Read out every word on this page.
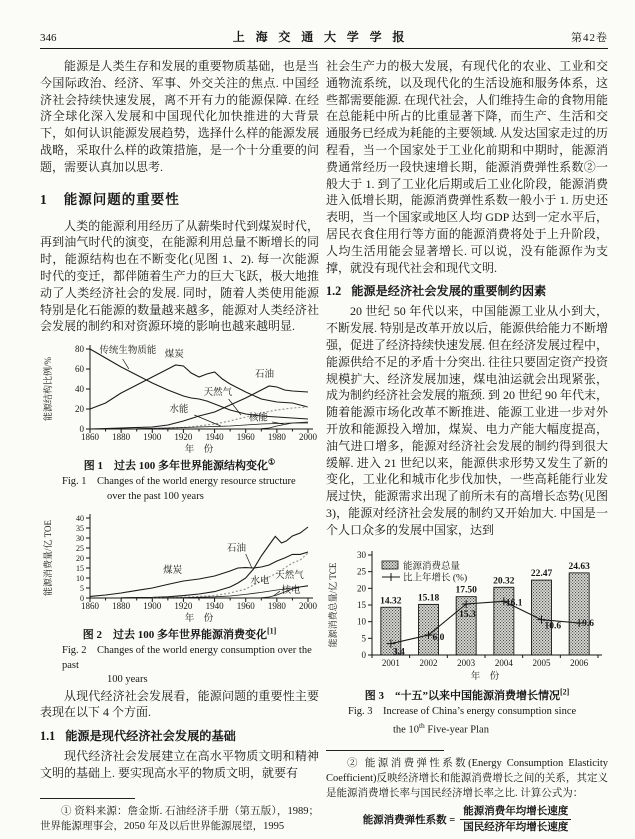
346	上海交通大学学报	第42卷

能源是人类生存和发展的重要物质基础，也是当今国际政治、经济、军事、外交关注的焦点. 中国经济社会持续快速发展，离不开有力的能源保障. 在经济全球化深入发展和中国现代化加快推进的大背景下，如何认识能源发展趋势，选择什么样的能源发展战略，采取什么样的政策措施，是一个十分重要的问题，需要认真加以思考.

1 能源问题的重要性

人类的能源利用经历了从薪柴时代到煤炭时代，再到油气时代的演变，在能源利用总量不断增长的同时，能源结构也在不断变化(见图 1、2). 每一次能源时代的变迁，都伴随着生产力的巨大飞跃，极大地推动了人类经济社会的发展. 同时，随着人类使用能源特别是化石能源的数量越来越多，能源对人类经济社会发展的制约和对资源环境的影响也越来越明显.

0
20
40
60
80
1860 1880 1900 1920 1940 1960 1980 2000
年　份
能源结构比例/%
传统生物质能 煤炭
石油
天然气
水能
核能

图 1　过去 100 多年世界能源结构变化①

Fig. 1　Changes of the world energy resource structure
over the past 100 years
0
5
10
15
20
25
30
35
40
1860 1880 1900 1920 1940 1960 1980 2000
年　份
能源消费量/亿 TOE	煤炭
石油
天然气
水电
核电

图 2　过去 100 多年世界能源消费变化[1]

Fig. 2　Changes of the world energy consumption over the past
100 years

从现代经济社会发展看，能源问题的重要性主要表现在以下 4 个方面.

1.1 能源是现代经济社会发展的基础

现代经济社会发展建立在高水平物质文明和精神文明的基础上. 要实现高水平的物质文明，就要有

① 资料来源：詹金斯. 石油经济手册（第五版），1989；世界能源理事会，2050 年及以后世界能源展望，1995

社会生产力的极大发展，有现代化的农业、工业和交通物流系统，以及现代化的生活设施和服务体系，这些都需要能源. 在现代社会，人们维持生命的食物用能在总能耗中所占的比重显著下降，而生产、生活和交通服务已经成为耗能的主要领域. 从发达国家走过的历程看，当一个国家处于工业化前期和中期时，能源消费通常经历一段快速增长期，能源消费弹性系数②一般大于 1. 到了工业化后期或后工业化阶段，能源消费进入低增长期，能源消费弹性系数一般小于 1. 历史还表明，当一个国家或地区人均 GDP 达到一定水平后，居民衣食住用行等方面的能源消费将处于上升阶段，人均生活用能会显著增长. 可以说，没有能源作为支撑，就没有现代社会和现代文明.

1.2 能源是经济社会发展的重要制约因素

20 世纪 50 年代以来，中国能源工业从小到大，不断发展. 特别是改革开放以后，能源供给能力不断增强，促进了经济持续快速发展. 但在经济发展过程中，能源供给不足的矛盾十分突出. 往往只要固定资产投资规模扩大、经济发展加速，煤电油运就会出现紧张，成为制约经济社会发展的瓶颈. 到 20 世纪 90 年代末，随着能源市场化改革不断推进、能源工业进一步对外开放和能源投入增加，煤炭、电力产能大幅度提高，油气进口增多，能源对经济社会发展的制约得到很大缓解. 进入 21 世纪以来，能源供求形势又发生了新的变化，工业化和城市化步伐加快，一些高耗能行业发展过快，能源需求出现了前所未有的高增长态势(见图 3)，能源对经济社会发展的制约又开始加大. 中国是一个人口众多的发展中国家，达到

0
5
10
15
20
25
30
2001
14.32
2002
15.18
2003
17.50
2004
20.32
2005
22.47
2006
24.63
3.4
6.0
15.3
16.1
10.6 9.6
能源消费总量
比上年增长 (%)
年　份
能源消费总量/亿 TCE

图 3　“十五”以来中国能源消费增长情况[2]

Fig. 3　Increase of China’s energy consumption since
the 10th Five-year Plan

② 能源消费弹性系数(Energy Consumption Elasticity Coefficient)反映经济增长和能源消费增长之间的关系，其定义是能源消费增长率与国民经济增长率之比. 计算公式为：

能源消费弹性系数 = $\frac{\text{能源消费年均增长速度}}{\text{国民经济年均增长速度}}$
